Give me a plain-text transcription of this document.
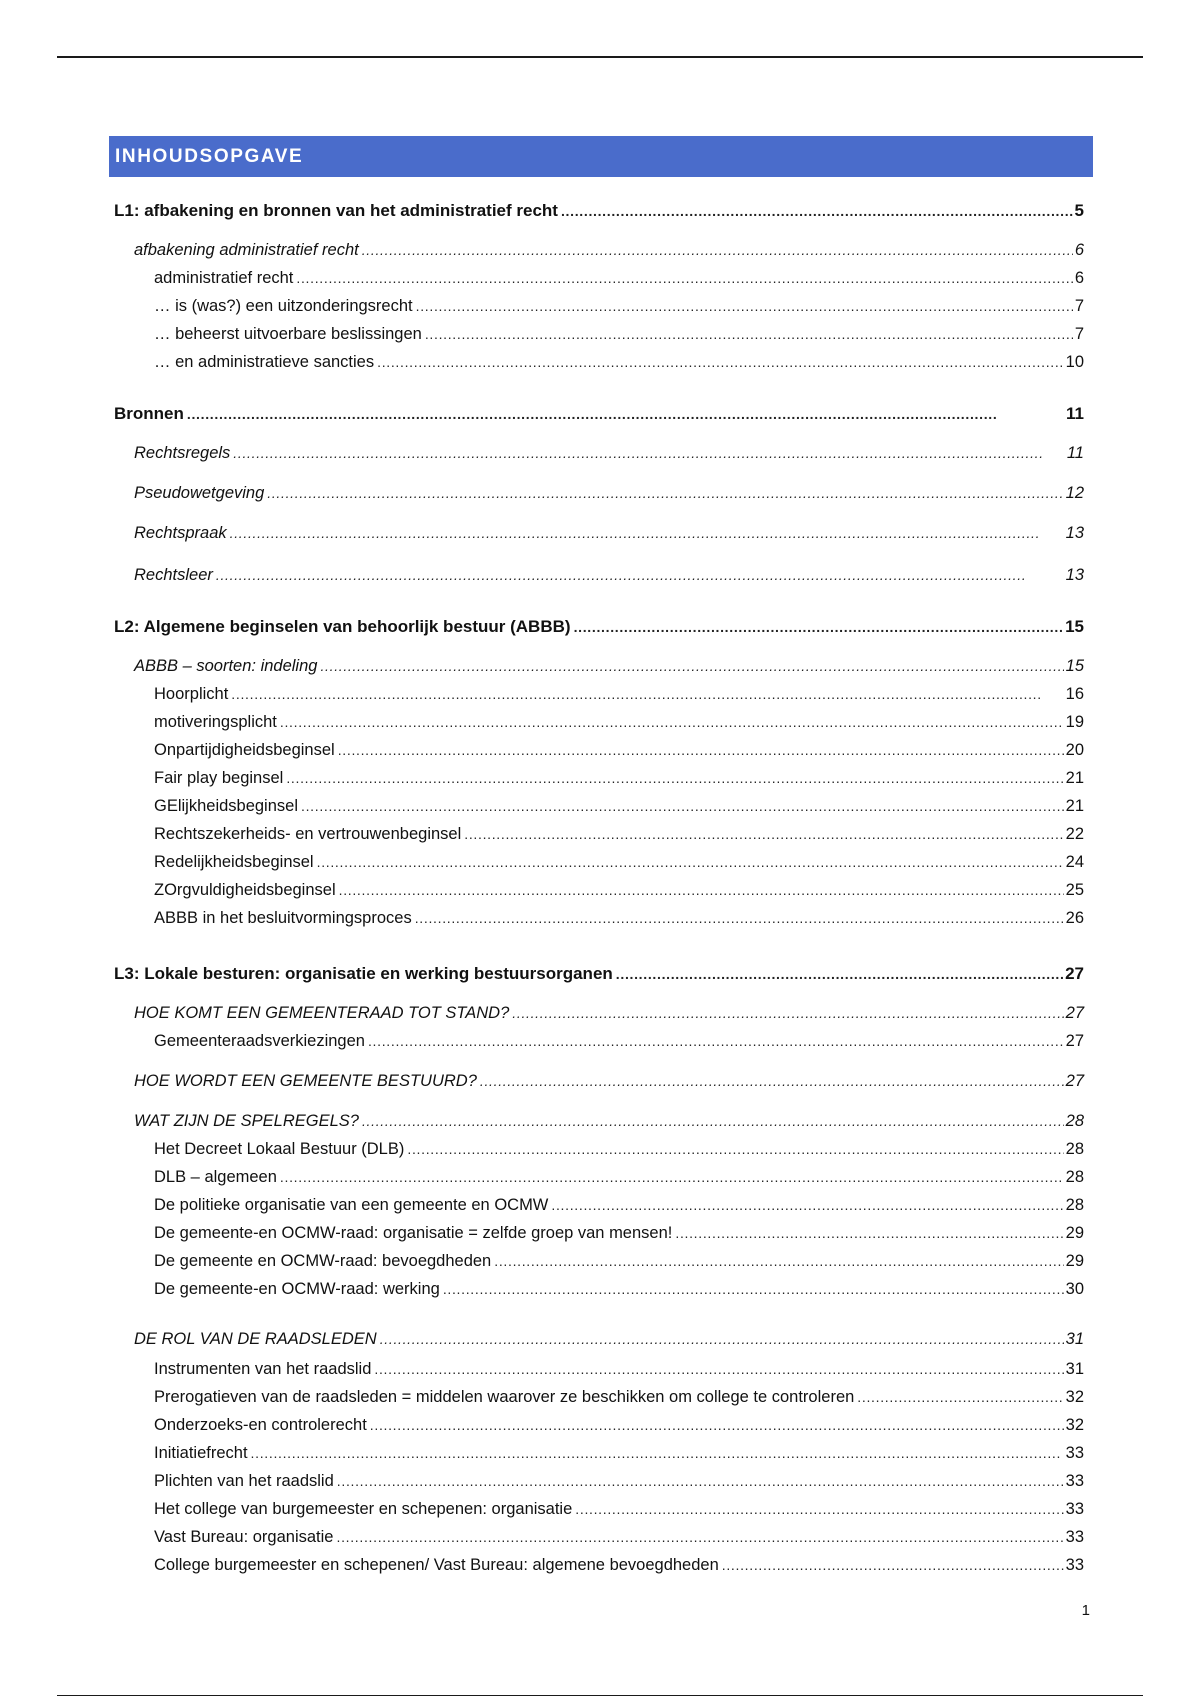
INHOUDSOPGAVE
L1: afbakening en bronnen van het administratief recht . . .	5
afbakening administratief recht . . .	6
administratief recht . . .	6
… is (was?) een uitzonderingsrecht . . .	7
… beheerst uitvoerbare beslissingen . . .	7
… en administratieve sancties . . .	10
Bronnen . . .	11
Rechtsregels . . .	11
Pseudowetgeving . . .	12
Rechtspraak . . .	13
Rechtsleer . . .	13
L2: Algemene beginselen van behoorlijk bestuur (ABBB) . . .	15
ABBB – soorten: indeling . . .	15
Hoorplicht . . .	16
motiveringsplicht . . .	19
Onpartijdigheidsbeginsel . . .	20
Fair play beginsel . . .	21
GElijkheidsbeginsel . . .	21
Rechtszekerheids- en vertrouwenbeginsel . . .	22
Redelijkheidsbeginsel . . .	24
ZOrgvuldigheidsbeginsel . . .	25
ABBB in het besluitvormingsproces . . .	26
L3: Lokale besturen: organisatie en werking bestuursorganen . . .	27
HOE KOMT EEN GEMEENTERAAD TOT STAND? . . .	27
Gemeenteraadsverkiezingen . . .	27
HOE WORDT EEN GEMEENTE BESTUURD? . . .	27
WAT ZIJN DE SPELREGELS? . . .	28
Het Decreet Lokaal Bestuur (DLB) . . .	28
DLB – algemeen . . .	28
De politieke organisatie van een gemeente en OCMW . . .	28
De gemeente-en OCMW-raad: organisatie = zelfde groep van mensen! . . .	29
De gemeente en OCMW-raad: bevoegdheden . . .	29
De gemeente-en OCMW-raad: werking . . .	30
DE ROL VAN DE RAADSLEDEN . . .	31
Instrumenten van het raadslid . . .	31
Prerogatieven van de raadsleden = middelen waarover ze beschikken om college te controleren . . .	32
Onderzoeks-en controlerecht . . .	32
Initiatiefrecht . . .	33
Plichten van het raadslid . . .	33
Het college van burgemeester en schepenen: organisatie . . .	33
Vast Bureau: organisatie . . .	33
College burgemeester en schepenen/ Vast Bureau: algemene bevoegdheden . . .	33
1
